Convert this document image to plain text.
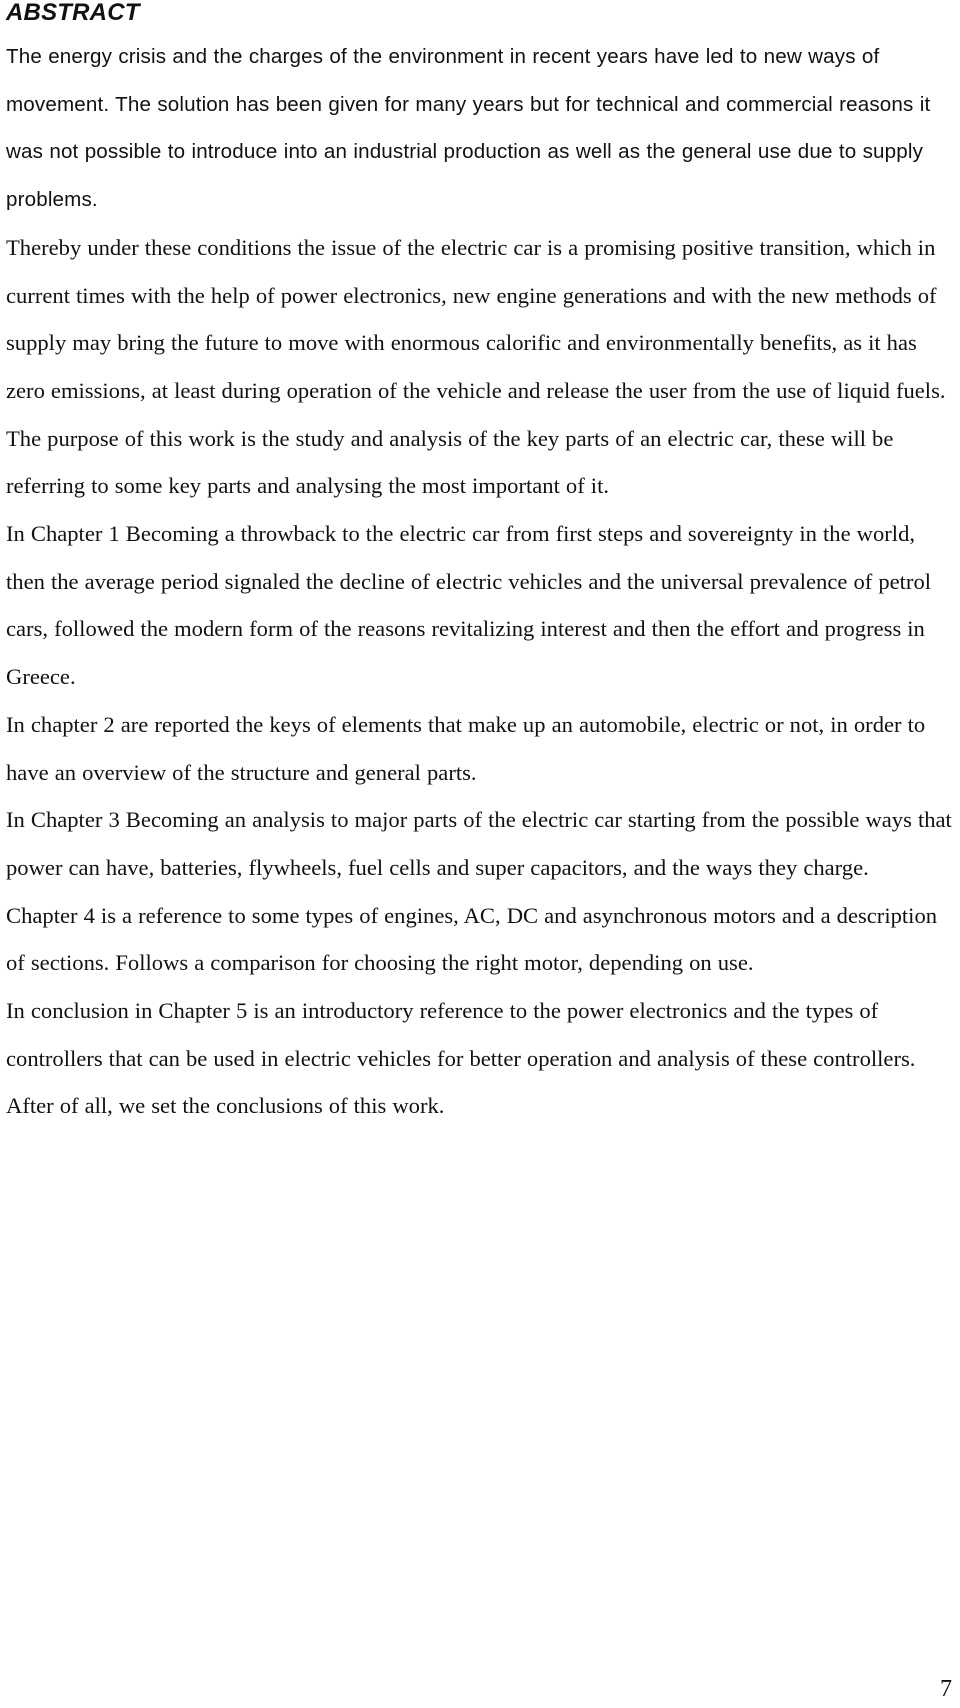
ABSTRACT

The energy crisis and the charges of the environment in recent years have led to new ways of movement. The solution has been given for many years but for technical and commercial reasons it was not possible to introduce into an industrial production as well as the general use due to supply problems.

Thereby under these conditions the issue of the electric car is a promising positive transition, which in current times with the help of power electronics, new engine generations and with the new methods of supply may bring the future to move with enormous calorific and environmentally benefits, as it has zero emissions, at least during operation of the vehicle and release the user from the use of liquid fuels.

The purpose of this work is the study and analysis of the key parts of an electric car, these will be referring to some key parts and analysing the most important of it.

In Chapter 1 Becoming a throwback to the electric car from first steps and sovereignty in the world, then the average period signaled the decline of electric vehicles and the universal prevalence of petrol cars, followed the modern form of the reasons revitalizing interest and then the effort and progress in Greece.

In chapter 2 are reported the keys of elements that make up an automobile, electric or not, in order to have an overview of the structure and general parts.

In Chapter 3 Becoming an analysis to major parts of the electric car starting from the possible ways that power can have, batteries, flywheels, fuel cells and super capacitors, and the ways they charge.

Chapter 4 is a reference to some types of engines, AC, DC and asynchronous motors and a description of sections. Follows a comparison for choosing the right motor, depending on use.

In conclusion in Chapter 5 is an introductory reference to the power electronics and the types of controllers that can be used in electric vehicles for better operation and analysis of these controllers.

After of all, we set the conclusions of this work.

7
